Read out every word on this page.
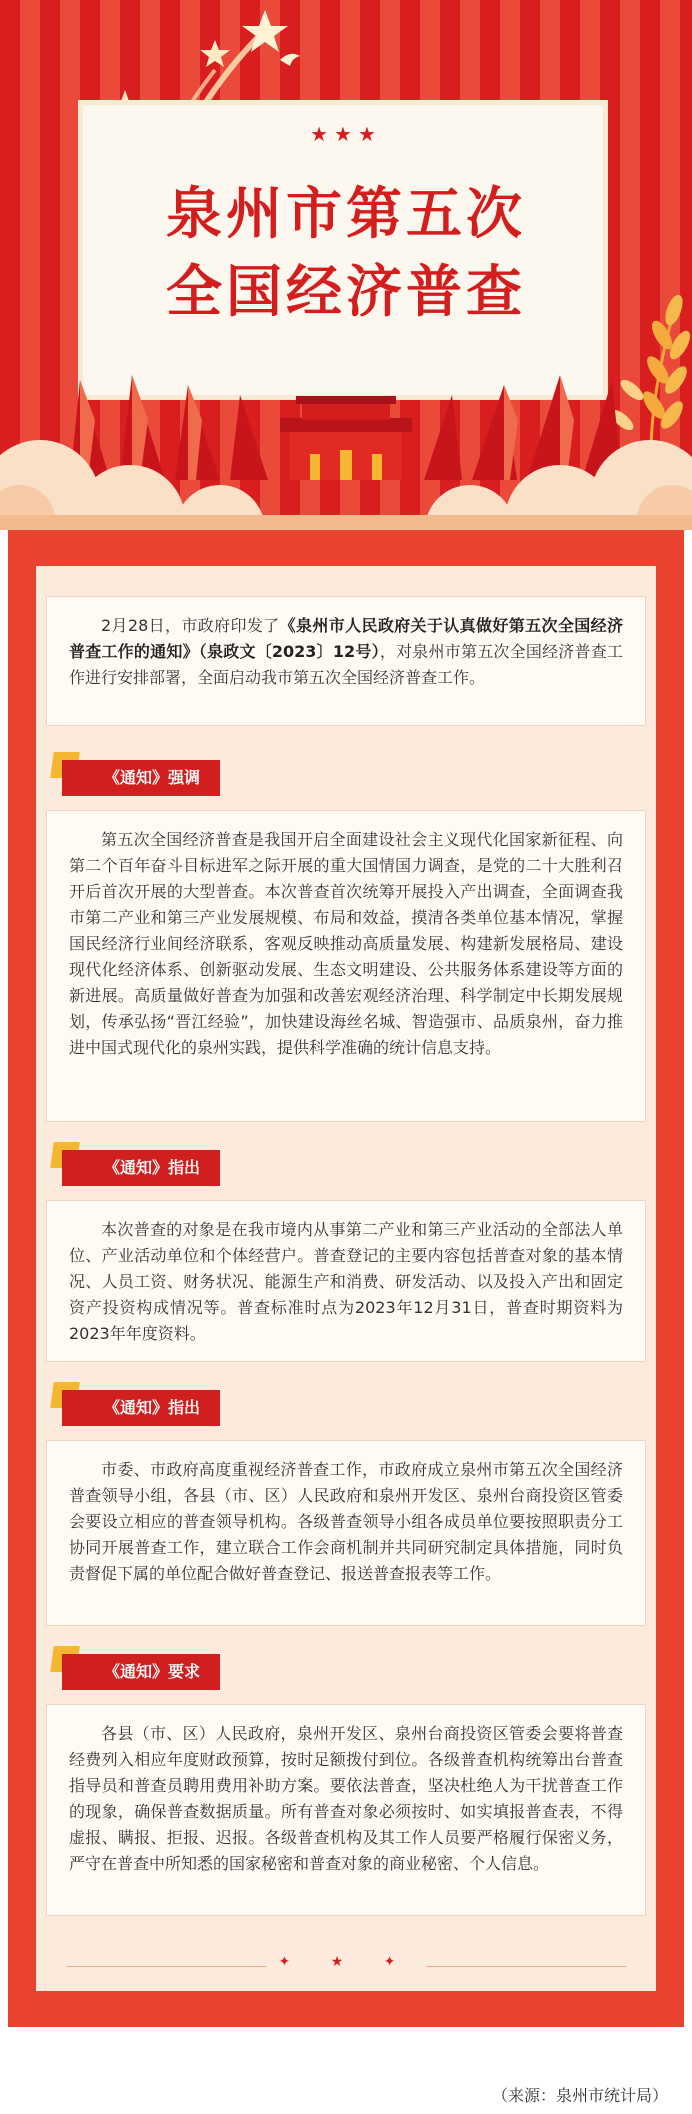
★★★
泉州市第五次
全国经济普查

2月28日，市政府印发了《泉州市人民政府关于认真做好第五次全国经济普查工作的通知》（泉政文〔2023〕12号），对泉州市第五次全国经济普查工作进行安排部署，全面启动我市第五次全国经济普查工作。

《通知》强调

第五次全国经济普查是我国开启全面建设社会主义现代化国家新征程、向第二个百年奋斗目标进军之际开展的重大国情国力调查，是党的二十大胜利召开后首次开展的大型普查。本次普查首次统筹开展投入产出调查，全面调查我市第二产业和第三产业发展规模、布局和效益，摸清各类单位基本情况，掌握国民经济行业间经济联系，客观反映推动高质量发展、构建新发展格局、建设现代化经济体系、创新驱动发展、生态文明建设、公共服务体系建设等方面的新进展。高质量做好普查为加强和改善宏观经济治理、科学制定中长期发展规划，传承弘扬“晋江经验”，加快建设海丝名城、智造强市、品质泉州，奋力推进中国式现代化的泉州实践，提供科学准确的统计信息支持。

《通知》指出

本次普查的对象是在我市境内从事第二产业和第三产业活动的全部法人单位、产业活动单位和个体经营户。普查登记的主要内容包括普查对象的基本情况、人员工资、财务状况、能源生产和消费、研发活动、以及投入产出和固定资产投资构成情况等。普查标准时点为2023年12月31日，普查时期资料为2023年年度资料。

《通知》指出

市委、市政府高度重视经济普查工作，市政府成立泉州市第五次全国经济普查领导小组，各县（市、区）人民政府和泉州开发区、泉州台商投资区管委会要设立相应的普查领导机构。各级普查领导小组各成员单位要按照职责分工协同开展普查工作，建立联合工作会商机制并共同研究制定具体措施，同时负责督促下属的单位配合做好普查登记、报送普查报表等工作。

《通知》要求

各县（市、区）人民政府，泉州开发区、泉州台商投资区管委会要将普查经费列入相应年度财政预算，按时足额拨付到位。各级普查机构统筹出台普查指导员和普查员聘用费用补助方案。要依法普查，坚决杜绝人为干扰普查工作的现象，确保普查数据质量。所有普查对象必须按时、如实填报普查表，不得虚报、瞒报、拒报、迟报。各级普查机构及其工作人员要严格履行保密义务，严守在普查中所知悉的国家秘密和普查对象的商业秘密、个人信息。

✦ ★ ✦
（来源：泉州市统计局）
